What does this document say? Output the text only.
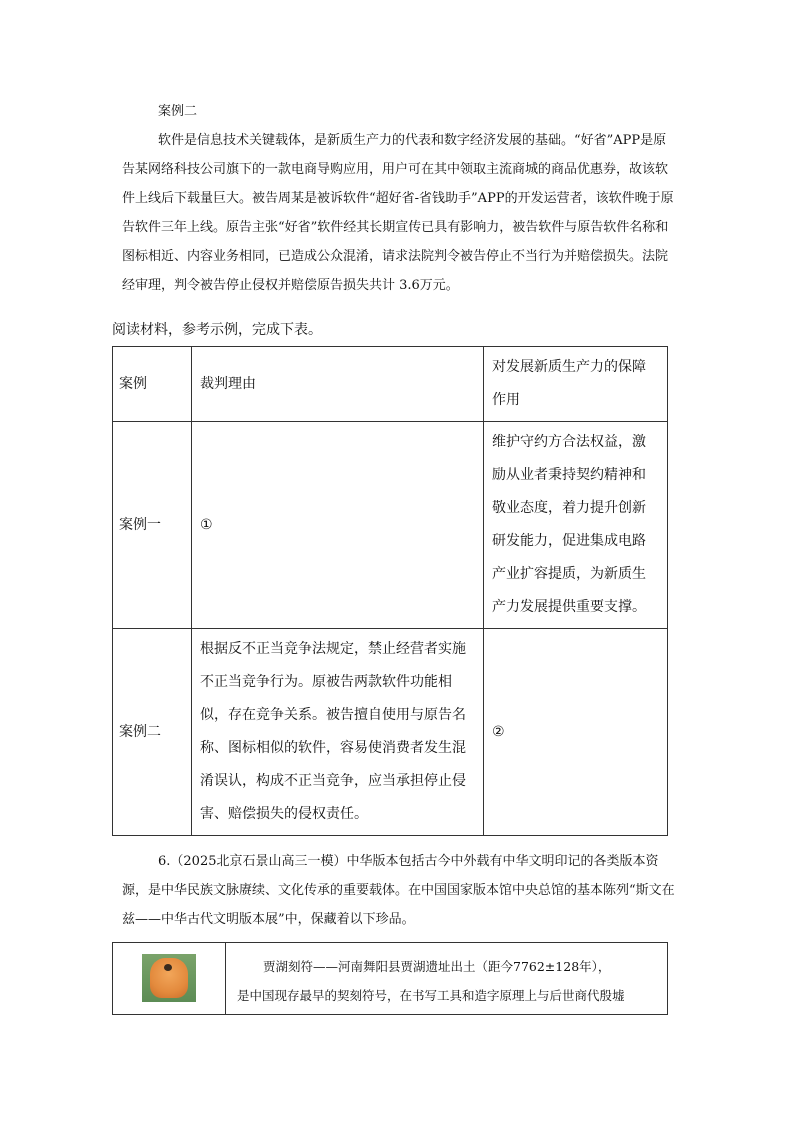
案例二

软件是信息技术关键载体，是新质生产力的代表和数字经济发展的基础。“好省”APP是原告某网络科技公司旗下的一款电商导购应用，用户可在其中领取主流商城的商品优惠券，故该软件上线后下载量巨大。被告周某是被诉软件“超好省-省钱助手”APP的开发运营者，该软件晚于原告软件三年上线。原告主张“好省”软件经其长期宣传已具有影响力，被告软件与原告软件名称和图标相近、内容业务相同，已造成公众混淆，请求法院判令被告停止不当行为并赔偿损失。法院经审理，判令被告停止侵权并赔偿原告损失共计 3.6万元。

阅读材料，参考示例，完成下表。
案例	裁判理由	对发展新质生产力的保障作用
案例一	①	维护守约方合法权益，激励从业者秉持契约精神和敬业态度，着力提升创新研发能力，促进集成电路产业扩容提质，为新质生产力发展提供重要支撑。
案例二	根据反不正当竞争法规定，禁止经营者实施不正当竞争行为。原被告两款软件功能相似，存在竞争关系。被告擅自使用与原告名称、图标相似的软件，容易使消费者发生混淆误认，构成不正当竞争，应当承担停止侵害、赔偿损失的侵权责任。	②

6.（2025北京石景山高三一模）中华版本包括古今中外载有中华文明印记的各类版本资源，是中华民族文脉赓续、文化传承的重要载体。在中国国家版本馆中央总馆的基本陈列“斯文在兹——中华古代文明版本展”中，保藏着以下珍品。

贾湖刻符——河南舞阳县贾湖遗址出土（距今7762±128年），

是中国现存最早的契刻符号，在书写工具和造字原理上与后世商代殷墟
